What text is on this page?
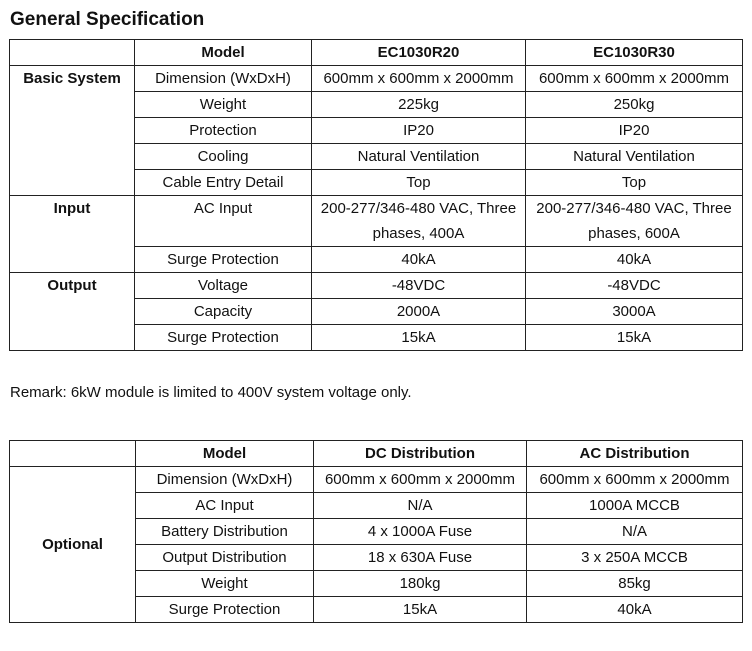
General Specification
	Model	EC1030R20	EC1030R30
Basic System	Dimension (WxDxH)	600mm x 600mm x 2000mm	600mm x 600mm x 2000mm
	Weight	225kg	250kg
	Protection	IP20	IP20
	Cooling	Natural Ventilation	Natural Ventilation
	Cable Entry Detail	Top	Top
Input	AC Input	200-277/346-480 VAC, Three phases, 400A	200-277/346-480 VAC, Three phases, 600A
	Surge Protection	40kA	40kA
Output	Voltage	-48VDC	-48VDC
	Capacity	2000A	3000A
	Surge Protection	15kA	15kA

Remark: 6kW module is limited to 400V system voltage only.

	Model	DC Distribution	AC Distribution
Optional	Dimension (WxDxH)	600mm x 600mm x 2000mm	600mm x 600mm x 2000mm
	AC Input	N/A	1000A MCCB
	Battery Distribution	4 x 1000A Fuse	N/A
	Output Distribution	18 x 630A Fuse	3 x 250A MCCB
	Weight	180kg	85kg
	Surge Protection	15kA	40kA
